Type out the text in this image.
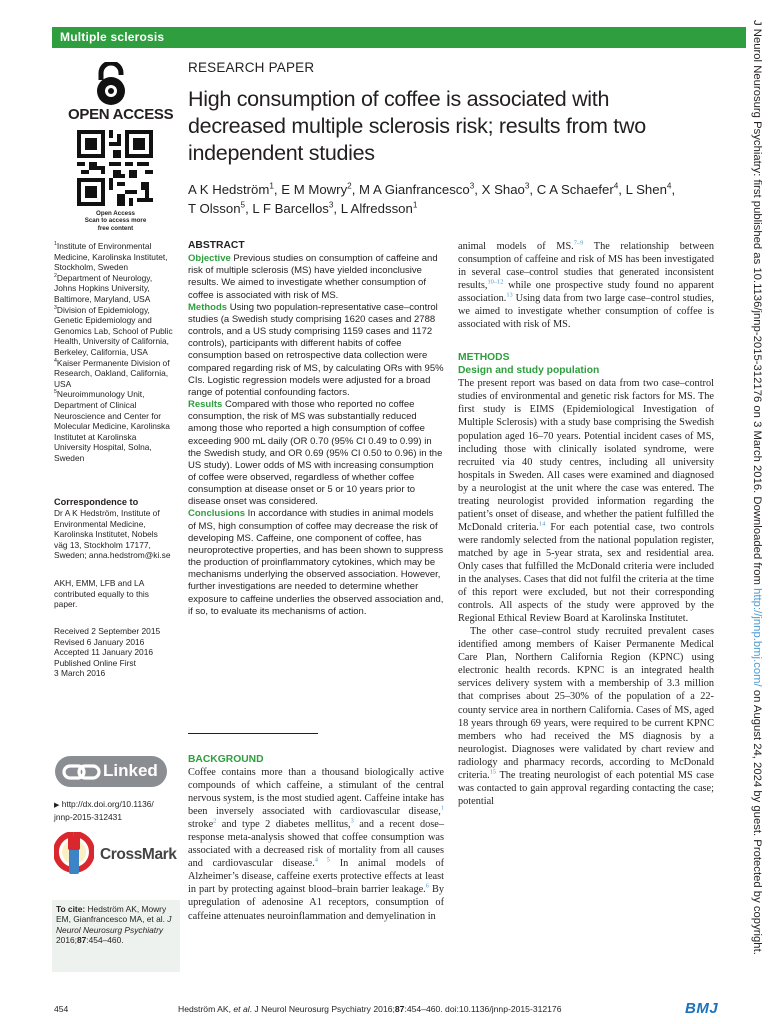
Multiple sclerosis	J Neurol Neurosurg Psychiatry: first published as 10.1136/jnnp-2015-312176 on 3 March 2016. Downloaded from http://jnnp.bmj.com/ on August 24, 2024 by guest. Protected by copyright.
OPEN ACCESS
Open Access
Scan to access more
free content
$^1$Institute of Environmental
Medicine, Karolinska Institutet,
Stockholm, Sweden
$^2$Department of Neurology,
Johns Hopkins University,
Baltimore, Maryland, USA
$^3$Division of Epidemiology,
Genetic Epidemiology and
Genomics Lab, School of Public
Health, University of California,
Berkeley, California, USA
$^4$Kaiser Permanente Division of
Research, Oakland, California,
USA
$^5$Neuroimmunology Unit,
Department of Clinical
Neuroscience and Center for
Molecular Medicine, Karolinska
Institutet at Karolinska
University Hospital, Solna,
Sweden
Correspondence to
Dr A K Hedström, Institute of
Environmental Medicine,
Karolinska Institutet, Nobels
väg 13, Stockholm 17177,
Sweden; anna.hedstrom@ki.se
AKH, EMM, LFB and LA
contributed equally to this
paper.
Received 2 September 2015
Revised 6 January 2016
Accepted 11 January 2016
Published Online First
3 March 2016
Linked
▶ http://dx.doi.org/10.1136/
jnnp-2015-312431
CrossMark
To cite: Hedström AK, Mowry EM, Gianfrancesco MA, et al. J Neurol Neurosurg Psychiatry 2016;87:454–460.
RESEARCH PAPER
High consumption of coffee is associated with decreased multiple sclerosis risk; results from two independent studies
A K Hedström$^1$, E M Mowry$^2$, M A Gianfrancesco$^3$, X Shao$^3$, C A Schaefer$^4$, L Shen$^4$,
T Olsson$^5$, L F Barcellos$^3$, L Alfredsson$^1$

ABSTRACT

Objective Previous studies on consumption of caffeine and risk of multiple sclerosis (MS) have yielded inconclusive results. We aimed to investigate whether consumption of coffee is associated with risk of MS.

Methods Using two population-representative case–control studies (a Swedish study comprising 1620 cases and 2788 controls, and a US study comprising 1159 cases and 1172 controls), participants with different habits of coffee consumption based on retrospective data collection were compared regarding risk of MS, by calculating ORs with 95% CIs. Logistic regression models were adjusted for a broad range of potential confounding factors.

Results Compared with those who reported no coffee consumption, the risk of MS was substantially reduced among those who reported a high consumption of coffee exceeding 900 mL daily (OR 0.70 (95% CI 0.49 to 0.99) in the Swedish study, and OR 0.69 (95% CI 0.50 to 0.96) in the US study). Lower odds of MS with increasing consumption of coffee were observed, regardless of whether coffee consumption at disease onset or 5 or 10 years prior to disease onset was considered.

Conclusions In accordance with studies in animal models of MS, high consumption of coffee may decrease the risk of developing MS. Caffeine, one component of coffee, has neuroprotective properties, and has been shown to suppress the production of proinflammatory cytokines, which may be mechanisms underlying the observed association. However, further investigations are needed to determine whether exposure to caffeine underlies the observed association and, if so, to evaluate its mechanisms of action.

BACKGROUND

Coffee contains more than a thousand biologically active compounds of which caffeine, a stimulant of the central nervous system, is the most studied agent. Caffeine intake has been inversely associated with cardiovascular disease,$^1$ stroke$^2$ and type 2 diabetes mellitus,$^3$ and a recent dose–response meta-analysis showed that coffee consumption was associated with a decreased risk of mortality from all causes and cardiovascular disease.$^{4 5}$ In animal models of Alzheimer’s disease, caffeine exerts protective effects at least in part by protecting against blood–brain barrier leakage.$^6$ By upregulation of adenosine A1 receptors, consumption of caffeine attenuates neuroinflammation and demyelination in

animal models of MS.$^{7-9}$ The relationship between consumption of caffeine and risk of MS has been investigated in several case–control studies that generated inconsistent results,$^{10-12}$ while one prospective study found no apparent association.$^{13}$ Using data from two large case–control studies, we aimed to investigate whether consumption of coffee is associated with risk of MS.

METHODS
Design and study population

The present report was based on data from two case–control studies of environmental and genetic risk factors for MS. The first study is EIMS (Epidemiological Investigation of Multiple Sclerosis) with a study base comprising the Swedish population aged 16–70 years. Potential incident cases of MS, including those with clinically isolated syndrome, were recruited via 40 study centres, including all university hospitals in Sweden. All cases were examined and diagnosed by a neurologist at the unit where the case was entered. The treating neurologist provided information regarding the patient’s onset of disease, and whether the patient fulfilled the McDonald criteria.$^{14}$ For each potential case, two controls were randomly selected from the national population register, matched by age in 5-year strata, sex and residential area. Only cases that fulfilled the McDonald criteria were included in the analyses. Cases that did not fulfil the criteria at the time of this report were excluded, but not their corresponding controls. All aspects of the study were approved by the Regional Ethical Review Board at Karolinska Institutet.

The other case–control study recruited prevalent cases identified among members of Kaiser Permanente Medical Care Plan, Northern California Region (KPNC) using electronic health records. KPNC is an integrated health services delivery system with a membership of 3.3 million that comprises about 25–30% of the population of a 22-county service area in northern California. Cases of MS, aged 18 years through 69 years, were required to be current KPNC members who had received the MS diagnosis by a neurologist. Diagnoses were validated by chart review and radiology and pharmacy records, according to McDonald criteria.$^{15}$ The treating neurologist of each potential MS case was contacted to gain approval regarding contacting the case; potential

454	Hedström AK, et al. J Neurol Neurosurg Psychiatry 2016;87:454–460. doi:10.1136/jnnp-2015-312176	BMJ
